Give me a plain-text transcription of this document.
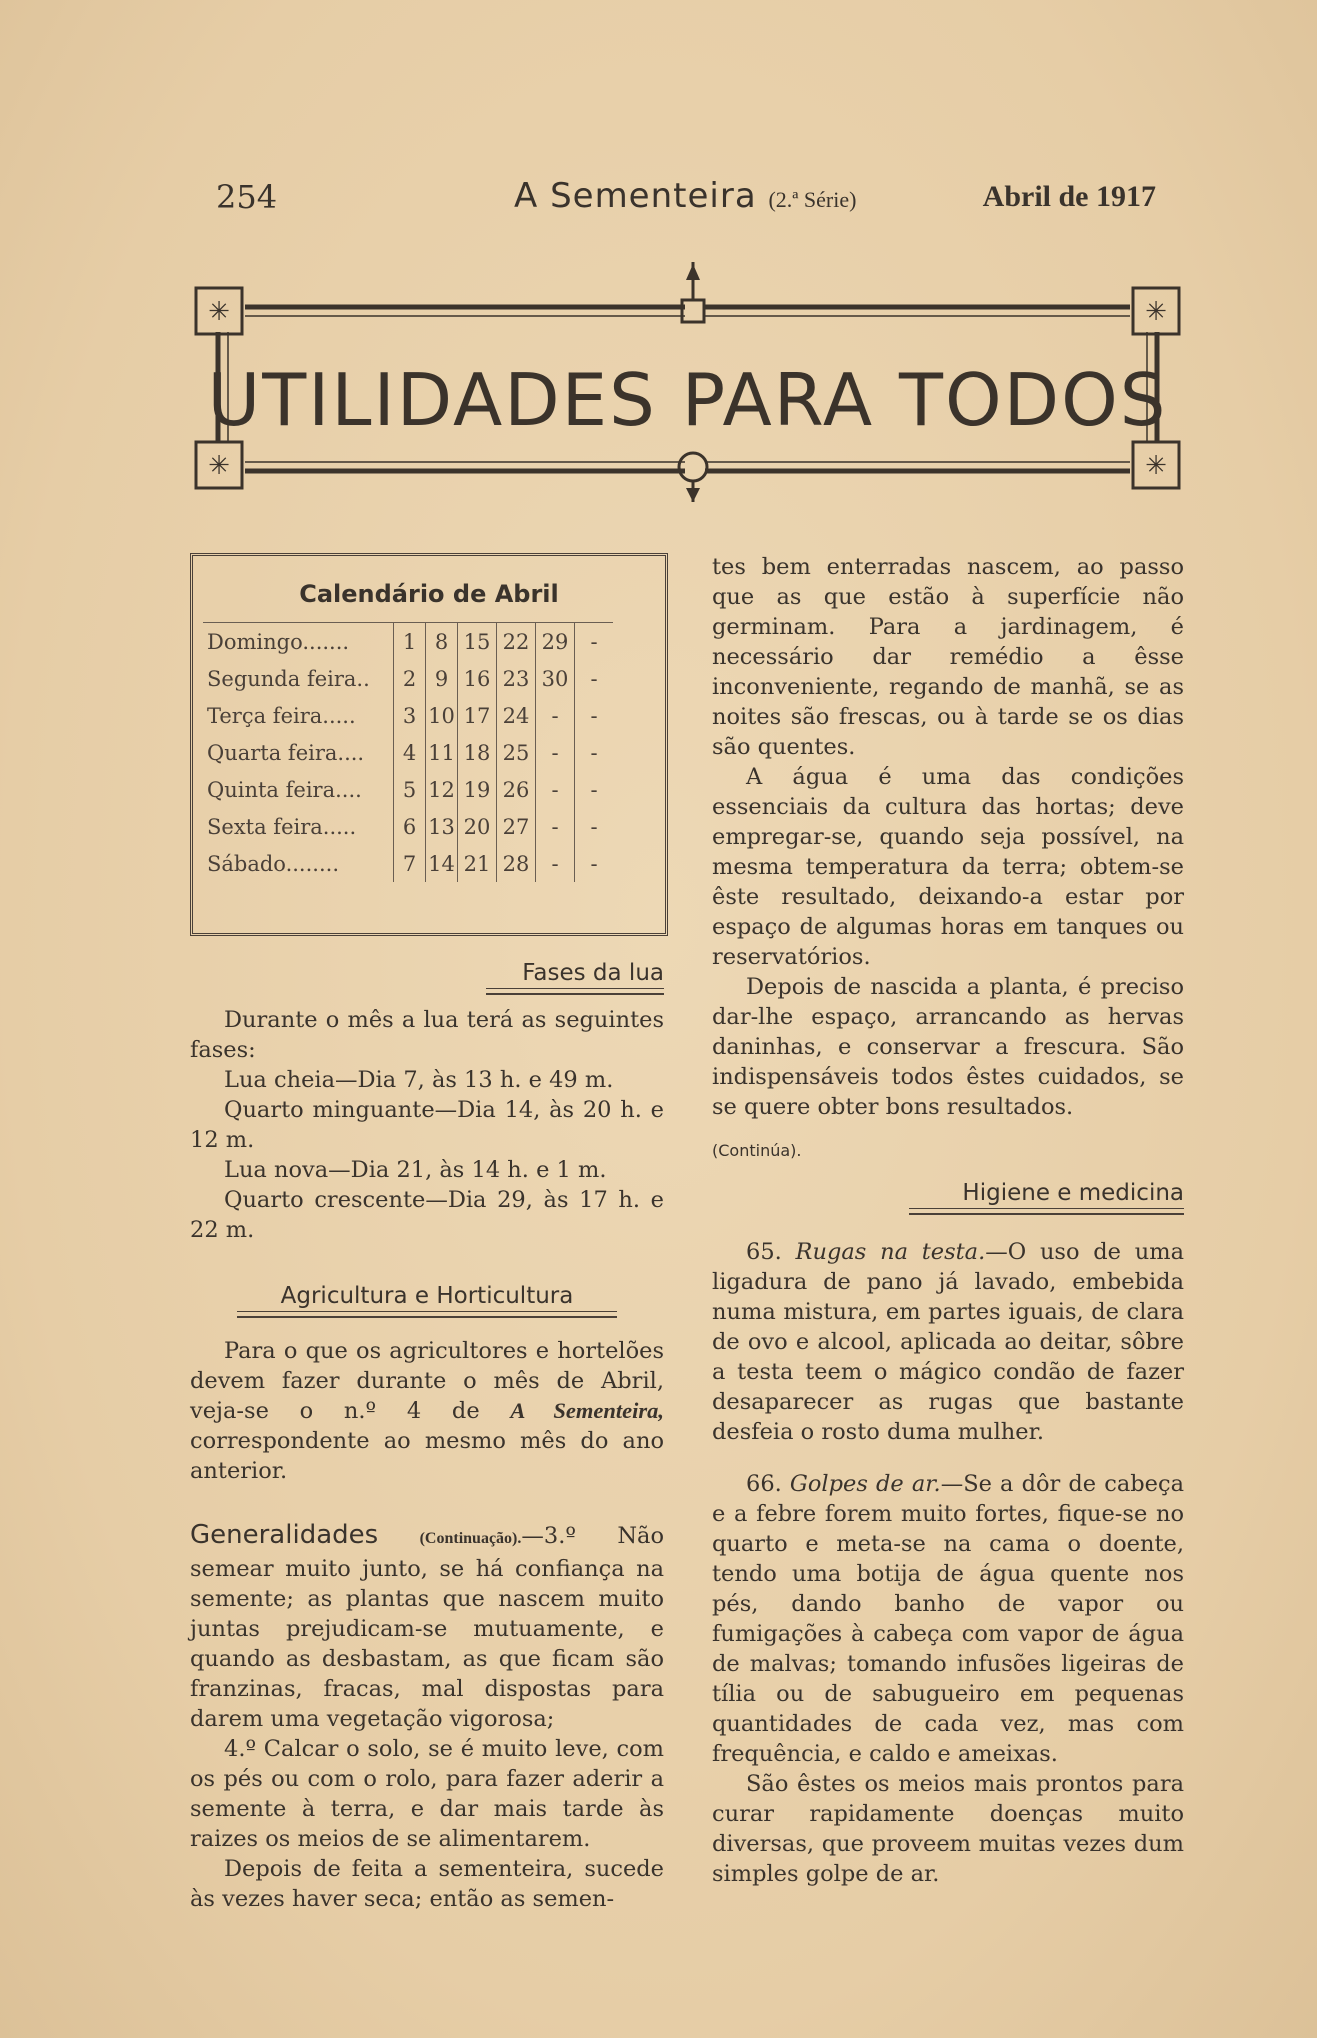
254	A Sementeira (2.ª Série)	Abril de 1917
✳	✳
✳	✳
UTILIDADES PARA TODOS
Calendário de Abril
Domingo.......	1	8	15	22	29	-
Segunda feira..	2	9	16	23	30	-
Terça feira.....	3	10	17	24	-	-
Quarta feira....	4	11	18	25	-	-
Quinta feira....	5	12	19	26	-	-
Sexta feira.....	6	13	20	27	-	-
Sábado........	7	14	21	28	-	-
Fases da lua

Durante o mês a lua terá as seguintes fases:

Lua cheia—Dia 7, às 13 h. e 49 m.

Quarto minguante—Dia 14, às 20 h. e 12 m.

Lua nova—Dia 21, às 14 h. e 1 m.

Quarto crescente—Dia 29, às 17 h. e 22 m.

Agricultura e Horticultura

Para o que os agricultores e hortelões devem fazer durante o mês de Abril, veja-se o n.º 4 de A Sementeira, correspondente ao mesmo mês do ano anterior.

Generalidades	(Continuação).—3.º Não semear muito junto, se há confiança na semente; as plantas que nascem muito juntas prejudicam-se mutuamente, e quando as desbastam, as que ficam são franzinas, fracas, mal dispostas para darem uma vegetação vigorosa;

4.º Calcar o solo, se é muito leve, com os pés ou com o rolo, para fazer aderir a semente à terra, e dar mais tarde às raizes os meios de se alimentarem.

Depois de feita a sementeira, sucede às vezes haver seca; então as semen-

tes bem enterradas nascem, ao passo que as que estão à superfície não germinam. Para a jardinagem, é necessário dar remédio a êsse inconveniente, regando de manhã, se as noites são frescas, ou à tarde se os dias são quentes.

A água é uma das condições essenciais da cultura das hortas; deve empregar-se, quando seja possível, na mesma temperatura da terra; obtem-se êste resultado, deixando-a estar por espaço de algumas horas em tanques ou reservatórios.

Depois de nascida a planta, é preciso dar-lhe espaço, arrancando as hervas daninhas, e conservar a frescura. São indispensáveis todos êstes cuidados, se se quere obter bons resultados.

(Continúa).

Higiene e medicina

65. Rugas na testa.—O uso de uma ligadura de pano já lavado, embebida numa mistura, em partes iguais, de clara de ovo e alcool, aplicada ao deitar, sôbre a testa teem o mágico condão de fazer desaparecer as rugas que bastante desfeia o rosto duma mulher.

66. Golpes de ar.—Se a dôr de cabeça e a febre forem muito fortes, fique-se no quarto e meta-se na cama o doente, tendo uma botija de água quente nos pés, dando banho de vapor ou fumigações à cabeça com vapor de água de malvas; tomando infusões ligeiras de tília ou de sabugueiro em pequenas quantidades de cada vez, mas com frequência, e caldo e ameixas.

São êstes os meios mais prontos para curar rapidamente doenças muito diversas, que proveem muitas vezes dum simples golpe de ar.
